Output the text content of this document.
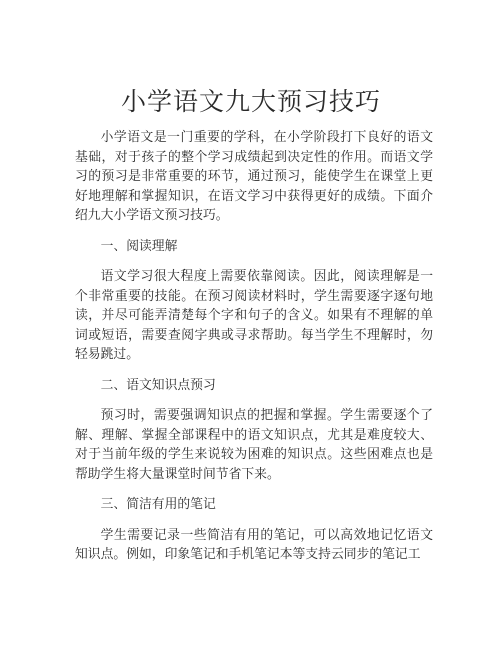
小学语文九大预习技巧

小学语文是一门重要的学科，在小学阶段打下良好的语文基础，对于孩子的整个学习成绩起到决定性的作用。而语文学习的预习是非常重要的环节，通过预习，能使学生在课堂上更好地理解和掌握知识，在语文学习中获得更好的成绩。下面介绍九大小学语文预习技巧。

一、阅读理解

语文学习很大程度上需要依靠阅读。因此，阅读理解是一个非常重要的技能。在预习阅读材料时，学生需要逐字逐句地读，并尽可能弄清楚每个字和句子的含义。如果有不理解的单词或短语，需要查阅字典或寻求帮助。每当学生不理解时，勿轻易跳过。

二、语文知识点预习

预习时，需要强调知识点的把握和掌握。学生需要逐个了解、理解、掌握全部课程中的语文知识点，尤其是难度较大、对于当前年级的学生来说较为困难的知识点。这些困难点也是帮助学生将大量课堂时间节省下来。

三、简洁有用的笔记

学生需要记录一些简洁有用的笔记，可以高效地记忆语文知识点。例如，印象笔记和手机笔记本等支持云同步的笔记工
